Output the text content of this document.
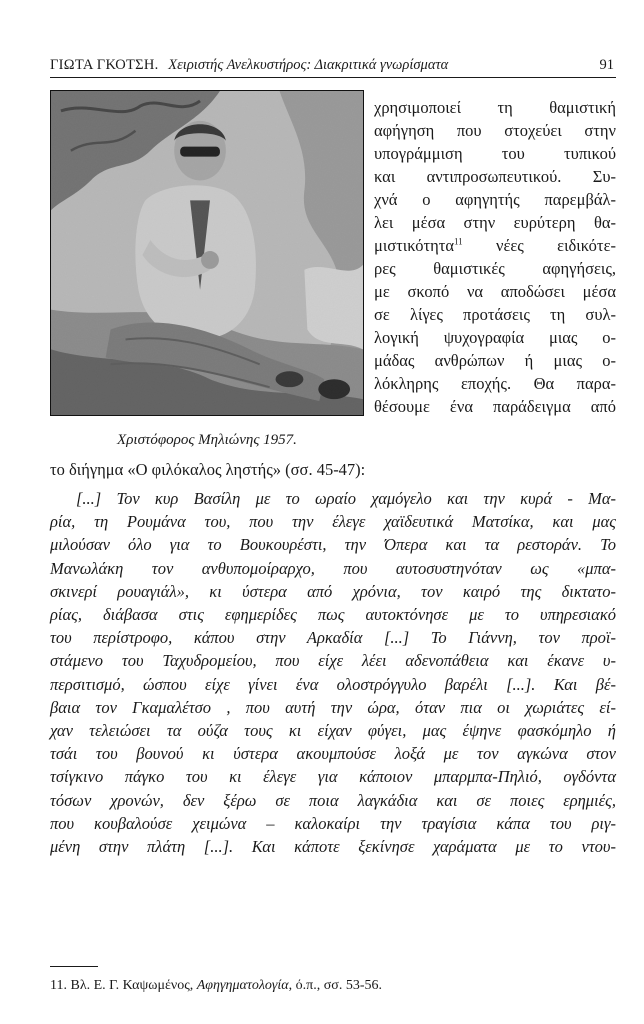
ΓΙΩΤΑ ΓΚΟΤΣΗ. Χειριστής Ανελκυστήρος: Διακριτικά γνωρίσματα	91
Χριστόφορος Μηλιώνης 1957.
χρησιμοποιεί τη θαμιστική
αφήγηση που στοχεύει στην
υπογράμμιση του τυπικού
και αντιπροσωπευτικού. Συ-
χνά ο αφηγητής παρεμβάλ-
λει μέσα στην ευρύτερη θα-
μιστικότητα$^{11}$ νέες ειδικότε-
ρες θαμιστικές αφηγήσεις,
με σκοπό να αποδώσει μέσα
σε λίγες προτάσεις τη συλ-
λογική ψυχογραφία μιας ο-
μάδας ανθρώπων ή μιας ο-
λόκληρης εποχής. Θα παρα-
θέσουμε ένα παράδειγμα από
το διήγημα «Ο φιλόκαλος ληστής» (σσ. 45-47):
[...] Τον κυρ Βασίλη με το ωραίο χαμόγελο και την κυρά - Μα-
ρία, τη Ρουμάνα του, που την έλεγε χαϊδευτικά Ματσίκα, και μας
μιλούσαν όλο για το Βουκουρέστι, την Όπερα και τα ρεστοράν. Το
Μανωλάκη τον ανθυπομοίραρχο, που αυτοσυστηνόταν ως «μπα-
σκινερί ρουαγιάλ», κι ύστερα από χρόνια, τον καιρό της δικτατο-
ρίας, διάβασα στις εφημερίδες πως αυτοκτόνησε με το υπηρεσιακό
του περίστροφο, κάπου στην Αρκαδία [...] Το Γιάννη, τον προϊ-
στάμενο του Ταχυδρομείου, που είχε λέει αδενοπάθεια και έκανε υ-
περσιτισμό, ώσπου είχε γίνει ένα ολοστρόγγυλο βαρέλι [...]. Και βέ-
βαια τον Γκαμαλέτσο , που αυτή την ώρα, όταν πια οι χωριάτες εί-
χαν τελειώσει τα ούζα τους κι είχαν φύγει, μας έψηνε φασκόμηλο ή
τσάι του βουνού κι ύστερα ακουμπούσε λοξά με τον αγκώνα στον
τσίγκινο πάγκο του κι έλεγε για κάποιον μπαρμπα-Πηλιό, ογδόντα
τόσων χρονών, δεν ξέρω σε ποια λαγκάδια και σε ποιες ερημιές,
που κουβαλούσε χειμώνα – καλοκαίρι την τραγίσια κάπα του ριγ-
μένη στην πλάτη [...]. Και κάποτε ξεκίνησε χαράματα με το ντου-
11. Βλ. Ε. Γ. Καψωμένος, Αφηγηματολογία, ό.π., σσ. 53-56.
